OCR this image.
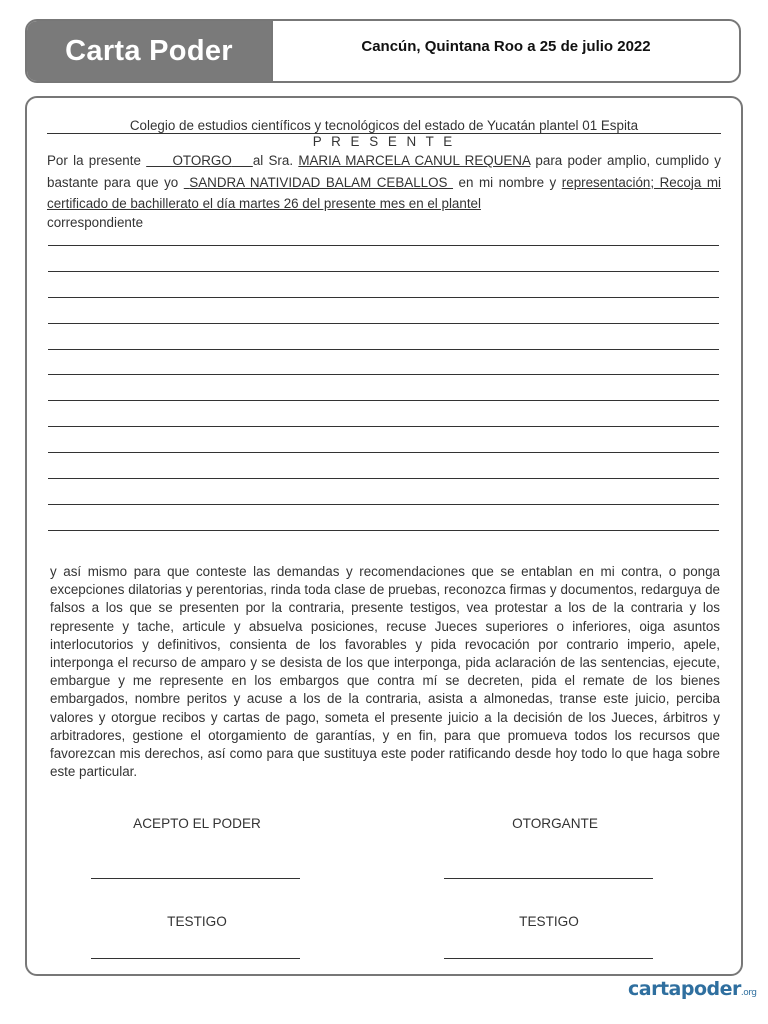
Carta Poder	Cancún, Quintana Roo a 25 de julio 2022
Colegio de estudios científicos y tecnológicos del estado de Yucatán plantel 01 Espita
P R E S E N T E
Por la presente OTORGO al Sra. MARIA MARCELA CANUL REQUENA para poder amplio, cumplido y bastante para que yo SANDRA NATIVIDAD BALAM CEBALLOS en mi nombre y representación; Recoja mi certificado de bachillerato el día martes 26 del presente mes en el plantel
correspondiente
y así mismo para que conteste las demandas y recomendaciones que se entablan en mi contra, o ponga excepciones dilatorias y perentorias, rinda toda clase de pruebas, reconozca firmas y documentos, redarguya de falsos a los que se presenten por la contraria, presente testigos, vea protestar a los de la contraria y los represente y tache, articule y absuelva posiciones, recuse Jueces superiores o inferiores, oiga asuntos interlocutorios y definitivos, consienta de los favorables y pida revocación por contrario imperio, apele, interponga el recurso de amparo y se desista de los que interponga, pida aclaración de las sentencias, ejecute, embargue y me represente en los embargos que contra mí se decreten, pida el remate de los bienes embargados, nombre peritos y acuse a los de la contraria, asista a almonedas, transe este juicio, perciba valores y otorgue recibos y cartas de pago, someta el presente juicio a la decisión de los Jueces, árbitros y arbitradores, gestione el otorgamiento de garantías, y en fin, para que promueva todos los recursos que favorezcan mis derechos, así como para que sustituya este poder ratificando desde hoy todo lo que haga sobre este particular.
ACEPTO EL PODER	OTORGANTE
TESTIGO	TESTIGO
cartapoder.org
